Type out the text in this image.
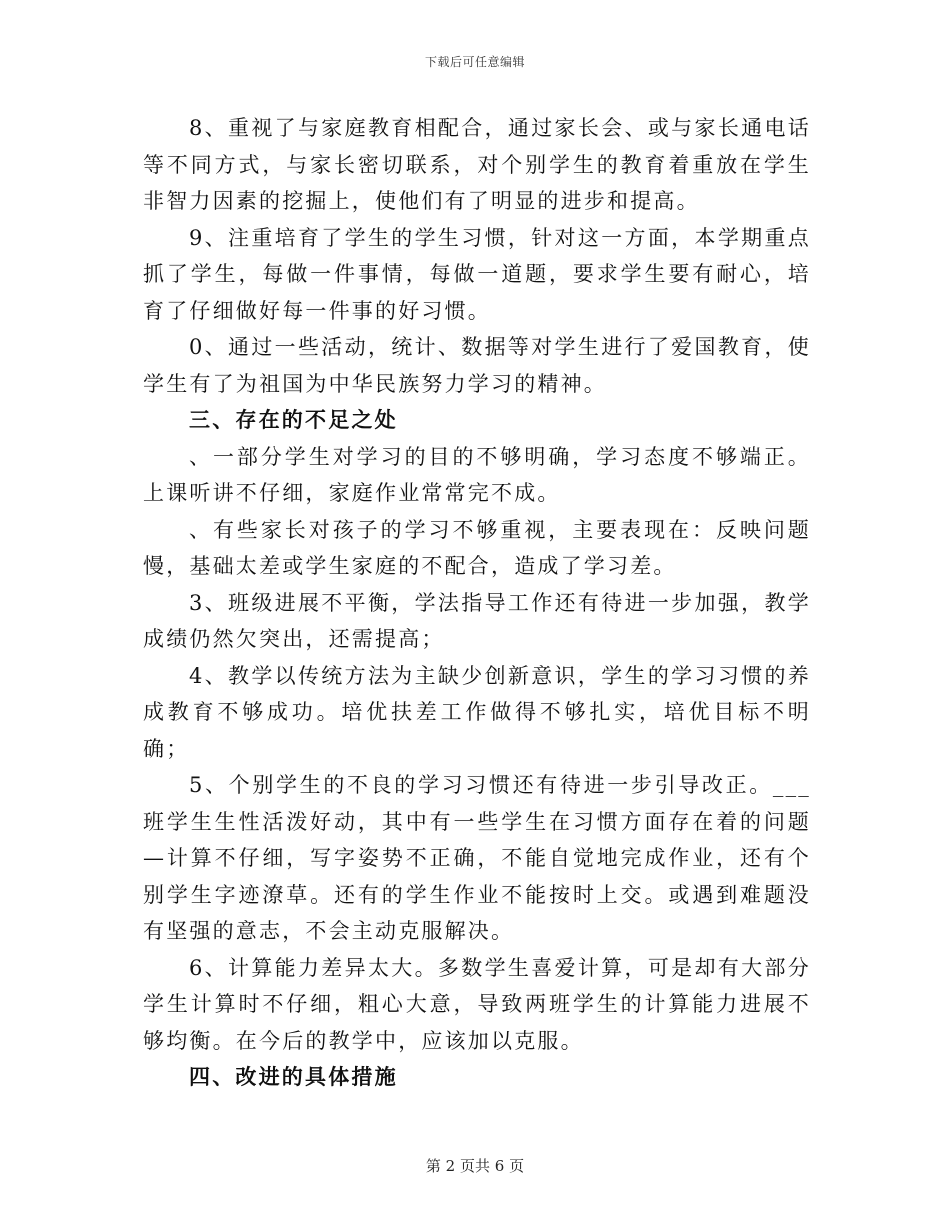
下载后可任意编辑

8、重视了与家庭教育相配合，通过家长会、或与家长通电话等不同方式，与家长密切联系，对个别学生的教育着重放在学生非智力因素的挖掘上，使他们有了明显的进步和提高。

9、注重培育了学生的学生习惯，针对这一方面，本学期重点抓了学生，每做一件事情，每做一道题，要求学生要有耐心，培育了仔细做好每一件事的好习惯。

0、通过一些活动，统计、数据等对学生进行了爱国教育，使学生有了为祖国为中华民族努力学习的精神。

三、存在的不足之处

、一部分学生对学习的目的不够明确，学习态度不够端正。上课听讲不仔细，家庭作业常常完不成。

、有些家长对孩子的学习不够重视，主要表现在：反映问题慢，基础太差或学生家庭的不配合，造成了学习差。

3、班级进展不平衡，学法指导工作还有待进一步加强，教学成绩仍然欠突出，还需提高；

4、教学以传统方法为主缺少创新意识，学生的学习习惯的养成教育不够成功。培优扶差工作做得不够扎实，培优目标不明确；

5、个别学生的不良的学习习惯还有待进一步引导改正。___班学生生性活泼好动，其中有一些学生在习惯方面存在着的问题—计算不仔细，写字姿势不正确，不能自觉地完成作业，还有个别学生字迹潦草。还有的学生作业不能按时上交。或遇到难题没有坚强的意志，不会主动克服解决。

6、计算能力差异太大。多数学生喜爱计算，可是却有大部分学生计算时不仔细，粗心大意，导致两班学生的计算能力进展不够均衡。在今后的教学中，应该加以克服。

四、改进的具体措施

第 2 页共 6 页
